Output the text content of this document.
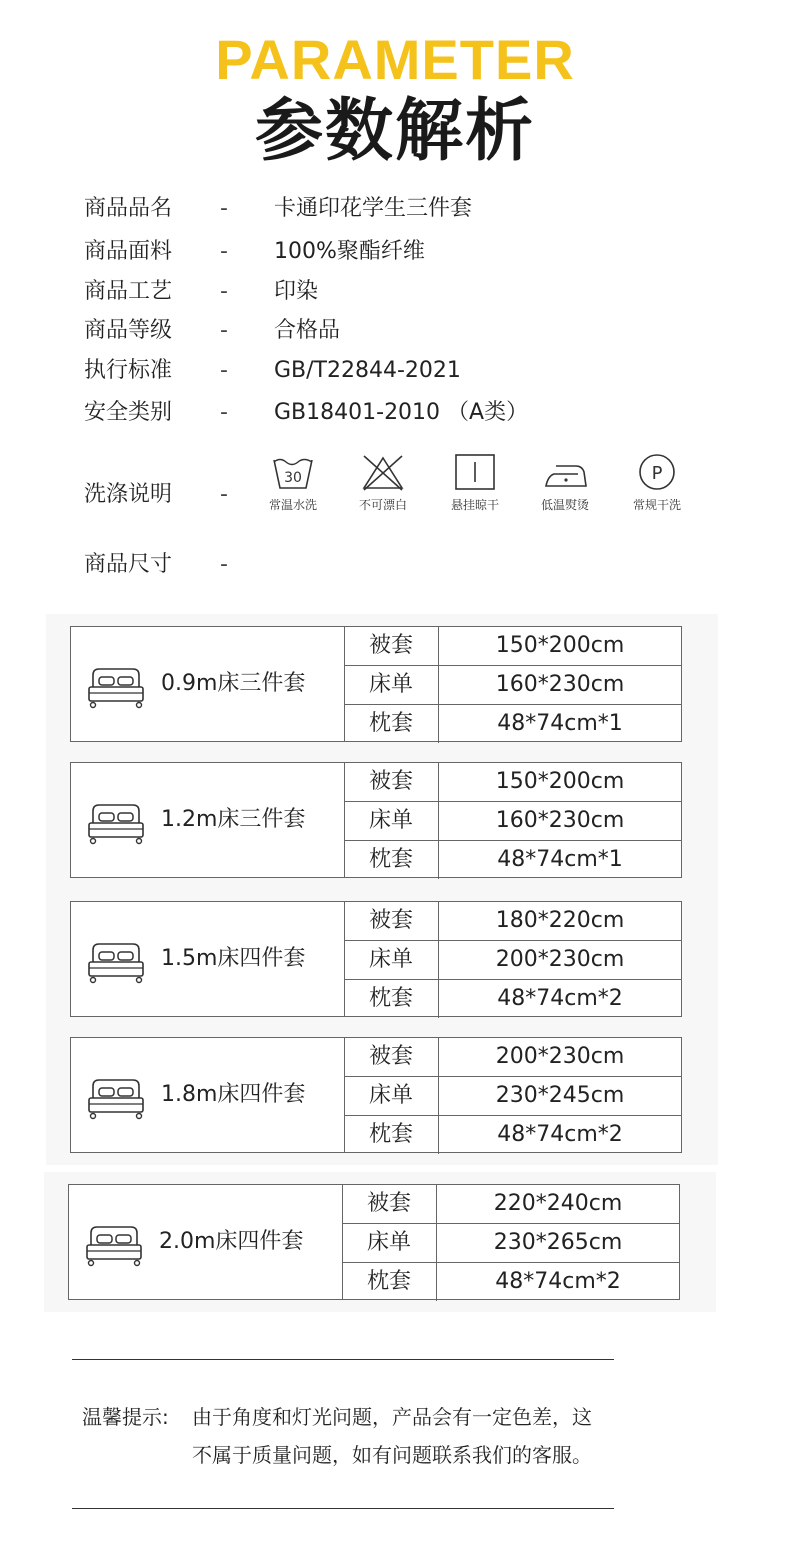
PARAMETER
参数解析
商品品名 - 卡通印花学生三件套
商品面料 - 100%聚酯纤维
商品工艺 - 印染
商品等级 - 合格品
执行标准 - GB/T22844-2021
安全类别 - GB18401-2010 （A类）
洗涤说明 -
30
常温水洗	不可漂白	悬挂晾干	低温熨烫
P
常规干洗
商品尺寸 -
0.9m床三件套
被套	150*200cm
床单	160*230cm
枕套	48*74cm*1
1.2m床三件套
被套	150*200cm
床单	160*230cm
枕套	48*74cm*1
1.5m床四件套
被套	180*220cm
床单	200*230cm
枕套	48*74cm*2
1.8m床四件套
被套	200*230cm
床单	230*245cm
枕套	48*74cm*2
2.0m床四件套
被套	220*240cm
床单	230*265cm
枕套	48*74cm*2
温馨提示: 由于角度和灯光问题，产品会有一定色差，这
不属于质量问题，如有问题联系我们的客服。
